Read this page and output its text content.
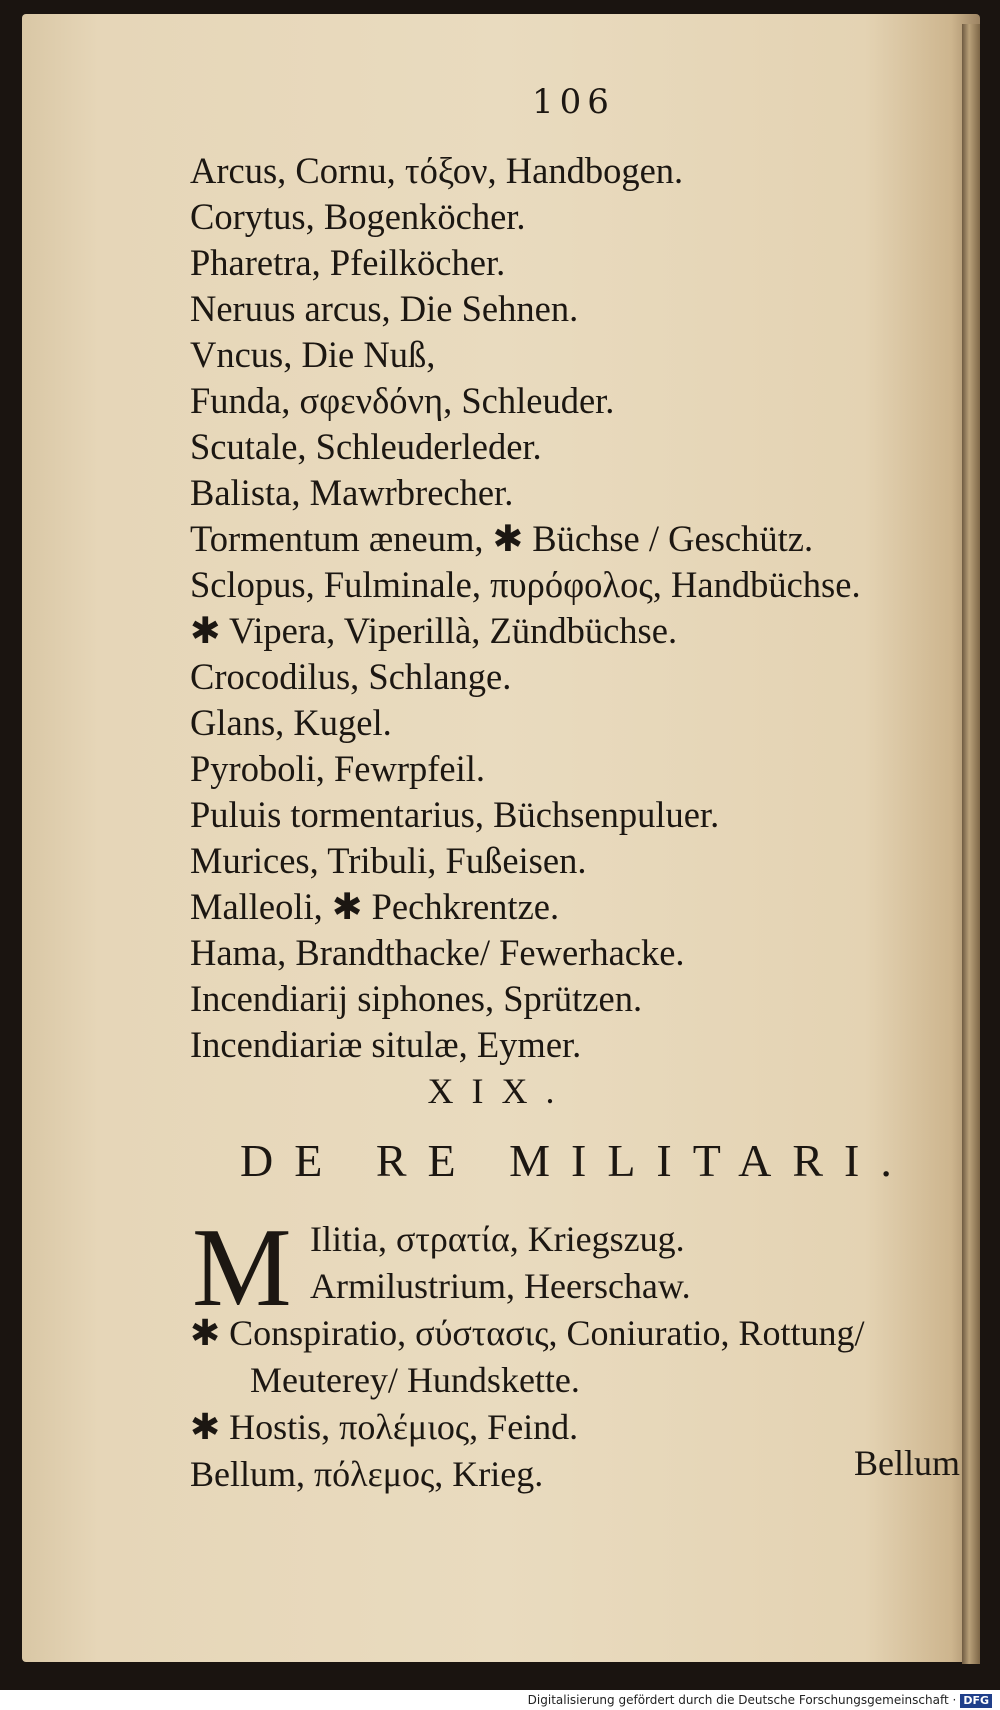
106
Arcus, Cornu, τόξον, Handbogen.
Corytus, Bogenköcher.
Pharetra, Pfeilköcher.
Neruus arcus, Die Sehnen.
Vncus, Die Nuß,
Funda, σφενδόνη, Schleuder.
Scutale, Schleuderleder.
Balista, Mawrbrecher.
Tormentum æneum, ✱ Büchse / Geschütz.
Sclopus, Fulminale, πυρόφολος, Handbüchse.
✱ Vipera, Viperillà, Zündbüchse.
Crocodilus, Schlange.
Glans, Kugel.
Pyroboli, Fewrpfeil.
Puluis tormentarius, Büchsenpuluer.
Murices, Tribuli, Fußeisen.
Malleoli, ✱ Pechkrentze.
Hama, Brandthacke/ Fewerhacke.
Incendiarij siphones, Sprützen.
Incendiariæ situlæ, Eymer.
XIX.
DE RE MILITARI.
M Ilitia, στρατία, Kriegszug.
Armilustrium, Heerschaw.
✱ Conspiratio, σύστασις, Coniuratio, Rottung/
Meuterey/ Hundskette.
✱ Hostis, πολέμιος, Feind.
Bellum, πόλεμος, Krieg.	Bellum
Digitalisierung gefördert durch die Deutsche Forschungsgemeinschaft · DFG
